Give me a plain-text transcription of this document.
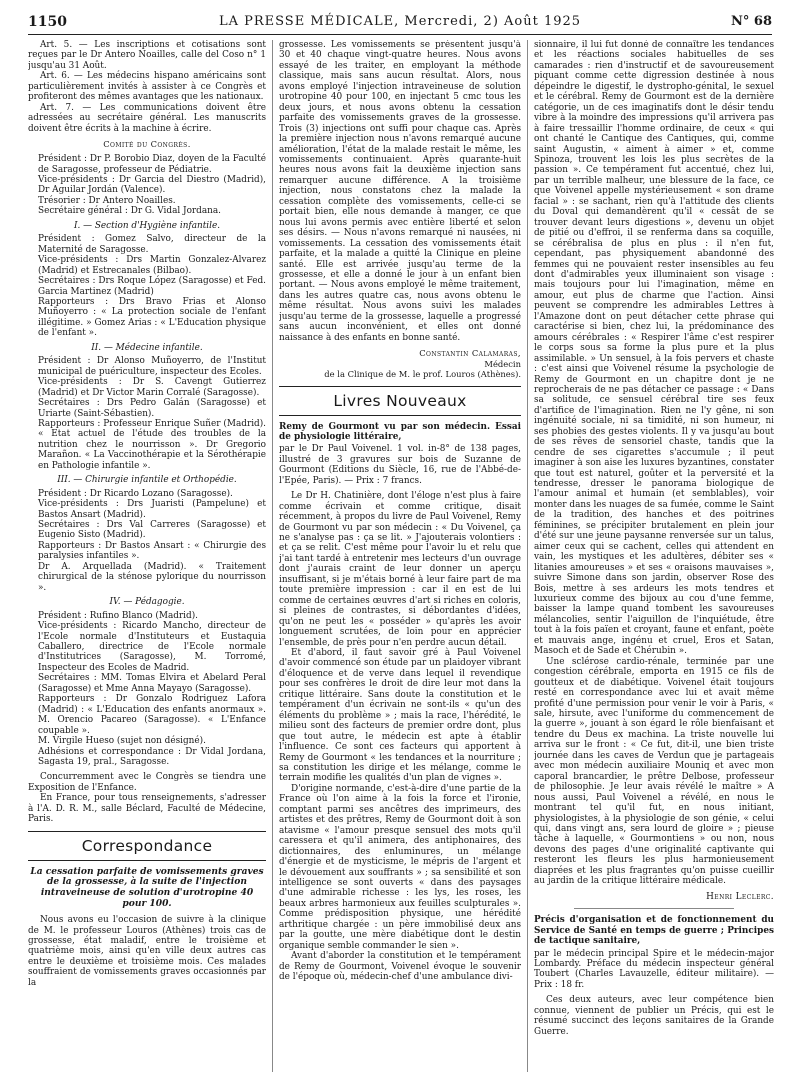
1150	LA PRESSE MÉDICALE, Mercredi, 2) Août 1925	N° 68

Art. 5. — Les inscriptions et cotisations sont reçues par le Dr Antero Noailles, calle del Coso n° 1 jusqu'au 31 Août.

Art. 6. — Les médecins hispano américains sont particulièrement invités à assister à ce Congrès et profiteront des mêmes avantages que les nationaux.

Art. 7. — Les communications doivent être adressées au secrétaire général. Les manuscrits doivent être écrits à la machine à écrire.

Comité du Congrès.

Président : Dr P. Borobio Diaz, doyen de la Faculté de Saragosse, professeur de Pédiatrie.

Vice-présidents : Dr Garcia del Diestro (Madrid), Dr Aguilar Jordán (Valence).

Trésorier : Dr Antero Noailles.

Secrétaire général : Dr G. Vidal Jordana.

I. — Section d'Hygiène infantile.

Président : Gomez Salvo, directeur de la Maternité de Saragosse.

Vice-présidents : Drs Martin Gonzalez-Alvarez (Madrid) et Estrecanales (Bilbao).

Secrétaires : Drs Roque López (Saragosse) et Fed. Garcia Martinez (Madrid)

Rapporteurs : Drs Bravo Frias et Alonso Muñoyerro : « La protection sociale de l'enfant illégitime. » Gomez Arias : « L'Education physique de l'enfant ».

II. — Médecine infantile.

Président : Dr Alonso Muñoyerro, de l'Institut municipal de puériculture, inspecteur des Ecoles.

Vice-présidents : Dr S. Cavengt Gutierrez (Madrid) et Dr Victor Marin Corralé (Saragosse).

Secrétaires : Drs Pedro Galán (Saragosse) et Uriarte (Saint-Sébastien).

Rapporteurs : Professeur Enrique Suñer (Madrid). « Etat actuel de l'étude des troubles de la nutrition chez le nourrisson ». Dr Gregorio Marañon. « La Vaccinothérapie et la Sérothérapie en Pathologie infantile ».

III. — Chirurgie infantile et Orthopédie.

Président : Dr Ricardo Lozano (Saragosse).

Vice-présidents : Drs Juaristi (Pampelune) et Bastos Ansart (Madrid).

Secrétaires : Drs Val Carreres (Saragosse) et Eugenio Sisto (Madrid).

Rapporteurs : Dr Bastos Ansart : « Chirurgie des paralysies infantiles ».

Dr A. Arquellada (Madrid). « Traitement chirurgical de la sténose pylorique du nourrisson ».

IV. — Pédagogie.

Président : Rufino Blanco (Madrid).

Vice-présidents : Ricardo Mancho, directeur de l'Ecole normale d'Instituteurs et Eustaquia Caballero, directrice de l'Ecole normale d'Institutrices (Saragosse), M. Torromé, Inspecteur des Ecoles de Madrid.

Secrétaires : MM. Tomas Elvira et Abelard Peral (Saragosse) et Mme Anna Mayayo (Saragosse).

Rapporteurs : Dr Gonzalo Rodriguez Lafora (Madrid) : « L'Education des enfants anormaux ». M. Orencio Pacareo (Saragosse). « L'Enfance coupable ».

M. Virgile Hueso (sujet non désigné).

Adhésions et correspondance : Dr Vidal Jordana, Sagasta 19, pral., Saragosse.

Concurremment avec le Congrès se tiendra une Exposition de l'Enfance.

En France, pour tous renseignements, s'adresser à l'A. D. R. M., salle Béclard, Faculté de Médecine, Paris.

Correspondance

La cessation parfaite de vomissements graves de la grossesse, à la suite de l'injection intraveineuse de solution d'urotropine 40 pour 100.

Nous avons eu l'occasion de suivre à la clinique de M. le professeur Louros (Athènes) trois cas de grossesse, état maladif, entre le troisième et quatrième mois, ainsi qu'en ville deux autres cas entre le deuxième et troisième mois. Ces malades souffraient de vomissements graves occasionnés par la

grossesse. Les vomissements se présentent jusqu'à 30 et 40 chaque vingt-quatre heures. Nous avons essayé de les traiter, en employant la méthode classique, mais sans aucun résultat. Alors, nous avons employé l'injection intraveineuse de solution urotropine 40 pour 100, en injectant 5 cmc tous les deux jours, et nous avons obtenu la cessation parfaite des vomissements graves de la grossesse. Trois (3) injections ont suffi pour chaque cas. Après la première injection nous n'avons remarqué aucune amélioration, l'état de la malade restait le même, les vomissements continuaient. Après quarante-huit heures nous avons fait la deuxième injection sans remarquer aucune différence. A la troisième injection, nous constatons chez la malade la cessation complète des vomissements, celle-ci se portait bien, elle nous demande à manger, ce que nous lui avons permis avec entière liberté et selon ses désirs. — Nous n'avons remarqué ni nausées, ni vomissements. La cessation des vomissements était parfaite, et la malade a quitté la Clinique en pleine santé. Elle est arrivée jusqu'au terme de la grossesse, et elle a donné le jour à un enfant bien portant. — Nous avons employé le même traitement, dans les autres quatre cas, nous avons obtenu le même résultat. Nous avons suivi les malades jusqu'au terme de la grossesse, laquelle a progressé sans aucun inconvénient, et elles ont donné naissance à des enfants en bonne santé.

Constantin Calamaras,

Médecin

de la Clinique de M. le prof. Louros (Athènes).

Livres Nouveaux

Remy de Gourmont vu par son médecin. Essai de physiologie littéraire,

par le Dr Paul Voivenel. 1 vol. in-8° de 138 pages, illustré de 3 gravures sur bois de Suzanne de Gourmont (Editions du Siècle, 16, rue de l'Abbé-de-l'Epée, Paris). — Prix : 7 francs.

Le Dr H. Chatinière, dont l'éloge n'est plus à faire comme écrivain et comme critique, disait récemment, à propos du livre de Paul Voivenel, Remy de Gourmont vu par son médecin : « Du Voivenel, ça ne s'analyse pas : ça se lit. » J'ajouterais volontiers : et ça se relit. C'est même pour l'avoir lu et relu que j'ai tant tardé à entretenir mes lecteurs d'un ouvrage dont j'aurais craint de leur donner un aperçu insuffisant, si je m'étais borné à leur faire part de ma toute première impression : car il en est de lui comme de certaines œuvres d'art si riches en coloris, si pleines de contrastes, si débordantes d'idées, qu'on ne peut les « posséder » qu'après les avoir longuement scrutées, de loin pour en apprécier l'ensemble, de près pour n'en perdre aucun détail.

Et d'abord, il faut savoir gré à Paul Voivenel d'avoir commencé son étude par un plaidoyer vibrant d'éloquence et de verve dans lequel il revendique pour ses confrères le droit de dire leur mot dans la critique littéraire. Sans doute la constitution et le tempérament d'un écrivain ne sont-ils « qu'un des éléments du problème » ; mais la race, l'hérédité, le milieu sont des facteurs de premier ordre dont, plus que tout autre, le médecin est apte à établir l'influence. Ce sont ces facteurs qui apportent à Remy de Gourmont « les tendances et la nourriture ; sa constitution les dirige et les mélange, comme le terrain modifie les qualités d'un plan de vignes ».

D'origine normande, c'est-à-dire d'une partie de la France où l'on aime à la fois la force et l'ironie, comptant parmi ses ancêtres des imprimeurs, des artistes et des prêtres, Remy de Gourmont doit à son atavisme « l'amour presque sensuel des mots qu'il caressera et qu'il animera, des antiphonaires, des dictionnaires, des enluminures, un mélange d'énergie et de mysticisme, le mépris de l'argent et le dévouement aux souffrants » ; sa sensibilité et son intelligence se sont ouverts « dans des paysages d'une admirable richesse : les lys, les roses, les beaux arbres harmonieux aux feuilles sculpturales ». Comme prédisposition physique, une hérédité arthritique chargée : un père immobilisé deux ans par la goutte, une mère diabétique dont le destin organique semble commander le sien ».

Avant d'aborder la constitution et le tempérament de Remy de Gourmont, Voivenel évoque le souvenir de l'époque où, médecin-chef d'une ambulance divi-

sionnaire, il lui fut donné de connaître les tendances et les réactions sociales habituelles de ses camarades : rien d'instructif et de savoureusement piquant comme cette digression destinée à nous dépeindre le digestif, le dystropho-génital, le sexuel et le cérébral. Remy de Gourmont est de la dernière catégorie, un de ces imaginatifs dont le désir tendu vibre à la moindre des impressions qu'il arrivera pas à faire tressaillir l'homme ordinaire, de ceux « qui ont chanté le Cantique des Cantiques, qui, comme saint Augustin, « aiment à aimer » et, comme Spinoza, trouvent les lois les plus secrètes de la passion ». Ce tempérament fut accentué, chez lui, par un terrible malheur, une blessure de la face, ce que Voivenel appelle mystérieusement « son drame facial » : se sachant, rien qu'à l'attitude des clients du Doval qui demandèrent qu'il « cessât de se trouver devant leurs digestions », devenu un objet de pitié ou d'effroi, il se renferma dans sa coquille, se cérébralisa de plus en plus : il n'en fut, cependant, pas physiquement abandonné des femmes qui ne pouvaient rester insensibles au feu dont d'admirables yeux illuminaient son visage : mais toujours pour lui l'imagination, même en amour, eut plus de charme que l'action. Ainsi peuvent se comprendre les admirables Lettres à l'Amazone dont on peut détacher cette phrase qui caractérise si bien, chez lui, la prédominance des amours cérébrales : « Respirer l'âme c'est respirer le corps sous sa forme la plus pure et la plus assimilable. » Un sensuel, à la fois pervers et chaste : c'est ainsi que Voivenel résume la psychologie de Remy de Gourmont en un chapitre dont je ne reprocherais de ne pas détacher ce passage : « Dans sa solitude, ce sensuel cérébral tire ses feux d'artifice de l'imagination. Rien ne l'y gêne, ni son ingénuité sociale, ni sa timidité, ni son humeur, ni ses phobies des gestes violents. Il y va jusqu'au bout de ses rêves de sensoriel chaste, tandis que la cendre de ses cigarettes s'accumule ; il peut imaginer à son aise les luxures byzantines, constater que tout est naturel, goûter et la perversité et la tendresse, dresser le panorama biologique de l'amour animal et humain (et semblables), voir monter dans les nuages de sa fumée, comme le Saint de la tradition, des hanches et des poitrines féminines, se précipiter brutalement en plein jour d'été sur une jeune paysanne renversée sur un talus, aimer ceux qui se cachent, celles qui attendent en vain, les mystiques et les adultères, débiter ses « litanies amoureuses » et ses « oraisons mauvaises », suivre Simone dans son jardin, observer Rose des Bois, mettre à ses ardeurs les mots tendres et luxurieux comme des bijoux au cou d'une femme, baisser la lampe quand tombent les savoureuses mélancolies, sentir l'aiguillon de l'inquiétude, être tout à la fois païen et croyant, faune et enfant, poète et mauvais ange, ingénu et cruel, Eros et Satan, Masoch et de Sade et Chérubin ».

Une sclérose cardio-rénale, terminée par une congestion cérébrale, emporta en 1915 ce fils de goutteux et de diabétique. Voivenel était toujours resté en correspondance avec lui et avait même profité d'une permission pour venir le voir à Paris, « sale, hirsute, avec l'uniforme du commencement de la guerre », jouant à son égard le rôle bienfaisant et tendre du Deus ex machina. La triste nouvelle lui arriva sur le front : « Ce fut, dit-il, une bien triste journée dans les caves de Verdun que je partageais avec mon médecin auxiliaire Mouniq et avec mon caporal brancardier, le prêtre Delbose, professeur de philosophie. Je leur avais révélé le maître » A nous aussi, Paul Voivenel a révélé, en nous le montrant tel qu'il fut, en nous initiant, physiologistes, à la physiologie de son génie, « celui qui, dans vingt ans, sera lourd de gloire » ; pieuse tâche à laquelle, « Gourmontiens » ou non, nous devons des pages d'une originalité captivante qui resteront les fleurs les plus harmonieusement diaprées et les plus fragrantes qu'on puisse cueillir au jardin de la critique littéraire médicale.

Henri Leclerc.

Précis d'organisation et de fonctionnement du Service de Santé en temps de guerre ; Principes de tactique sanitaire,

par le médecin principal Spire et le médecin-major Lombardy. Préface du médecin inspecteur général Toubert (Charles Lavauzelle, éditeur militaire). — Prix : 18 fr.

Ces deux auteurs, avec leur compétence bien connue, viennent de publier un Précis, qui est le résumé succinct des leçons sanitaires de la Grande Guerre.
